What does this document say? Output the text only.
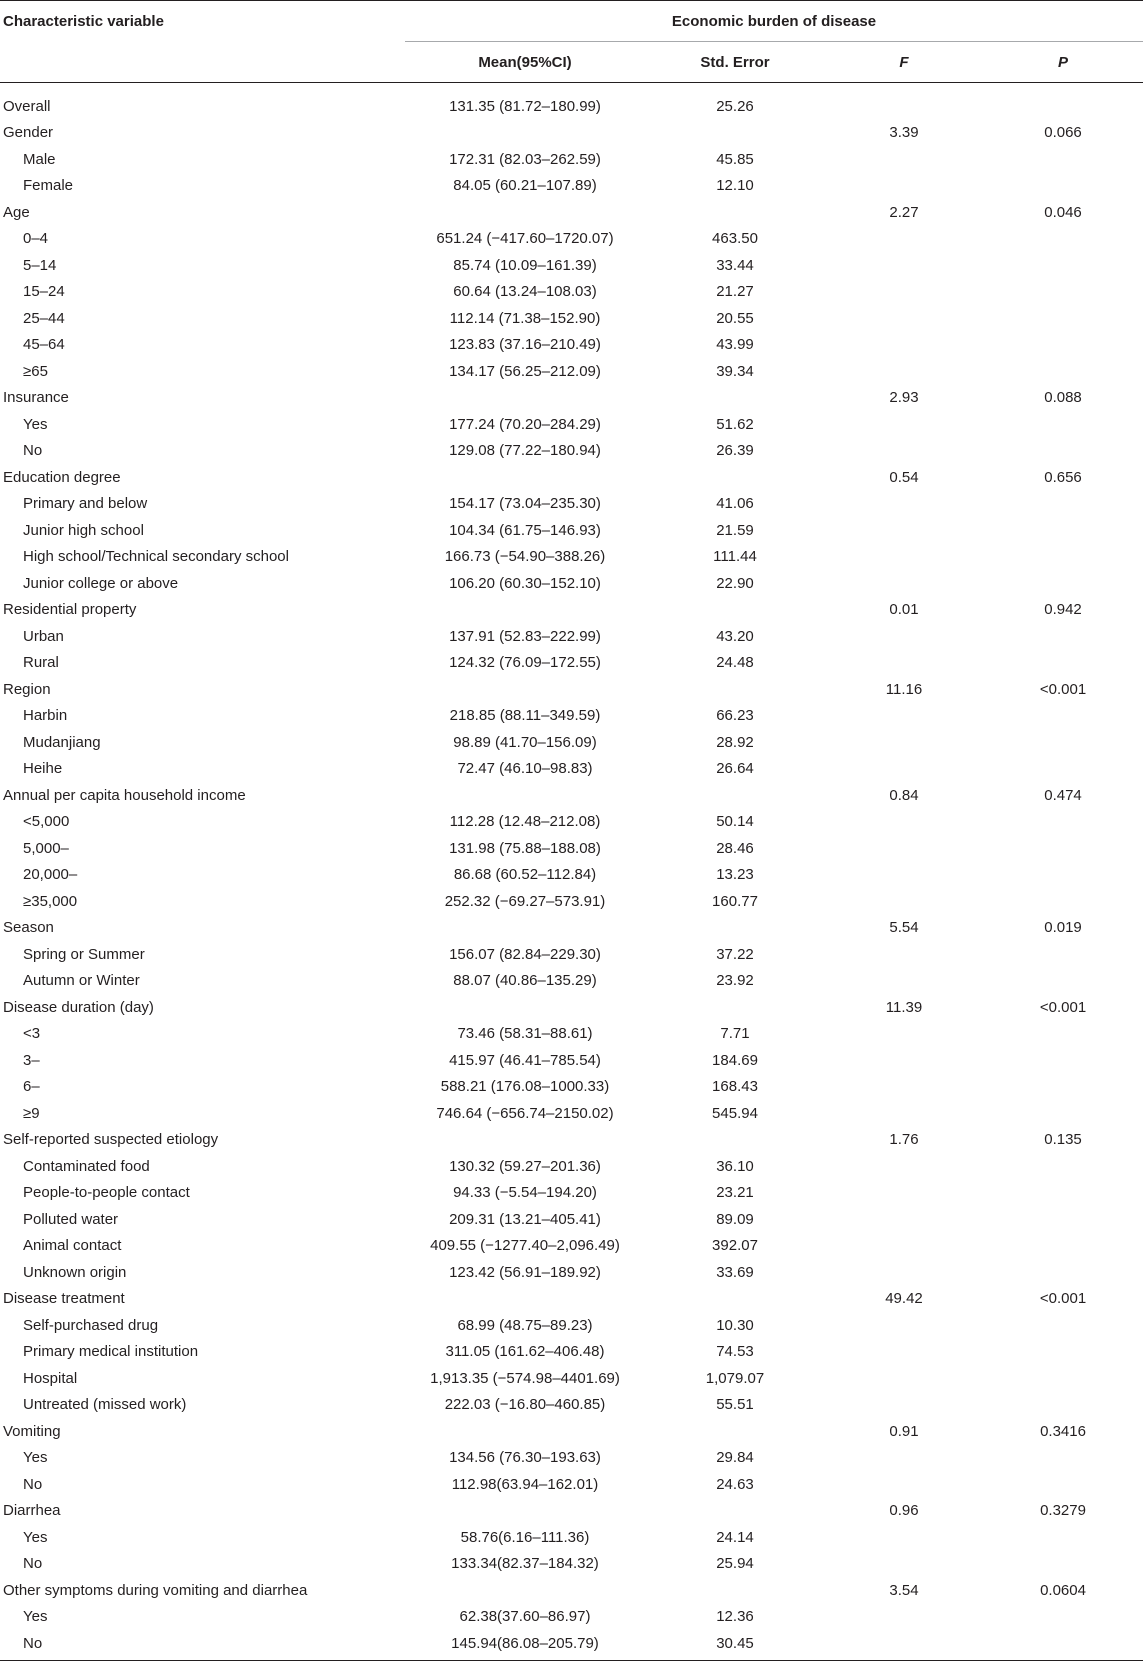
Characteristic variable	Economic burden of disease			
	Mean(95%CI)	Std. Error	F	P

Overall	131.35 (81.72–180.99)	25.26		
Gender			3.39	0.066
Male	172.31 (82.03–262.59)	45.85		
Female	84.05 (60.21–107.89)	12.10		
Age			2.27	0.046
0–4	651.24 (−417.60–1720.07)	463.50		
5–14	85.74 (10.09–161.39)	33.44		
15–24	60.64 (13.24–108.03)	21.27		
25–44	112.14 (71.38–152.90)	20.55		
45–64	123.83 (37.16–210.49)	43.99		
≥65	134.17 (56.25–212.09)	39.34		
Insurance			2.93	0.088
Yes	177.24 (70.20–284.29)	51.62		
No	129.08 (77.22–180.94)	26.39		
Education degree			0.54	0.656
Primary and below	154.17 (73.04–235.30)	41.06		
Junior high school	104.34 (61.75–146.93)	21.59		
High school/Technical secondary school	166.73 (−54.90–388.26)	111.44		
Junior college or above	106.20 (60.30–152.10)	22.90		
Residential property			0.01	0.942
Urban	137.91 (52.83–222.99)	43.20		
Rural	124.32 (76.09–172.55)	24.48		
Region			11.16	<0.001
Harbin	218.85 (88.11–349.59)	66.23		
Mudanjiang	98.89 (41.70–156.09)	28.92		
Heihe	72.47 (46.10–98.83)	26.64		
Annual per capita household income			0.84	0.474
<5,000	112.28 (12.48–212.08)	50.14		
5,000–	131.98 (75.88–188.08)	28.46		
20,000–	86.68 (60.52–112.84)	13.23		
≥35,000	252.32 (−69.27–573.91)	160.77		
Season			5.54	0.019
Spring or Summer	156.07 (82.84–229.30)	37.22		
Autumn or Winter	88.07 (40.86–135.29)	23.92		
Disease duration (day)			11.39	<0.001
<3	73.46 (58.31–88.61)	7.71		
3–	415.97 (46.41–785.54)	184.69		
6–	588.21 (176.08–1000.33)	168.43		
≥9	746.64 (−656.74–2150.02)	545.94		
Self-reported suspected etiology			1.76	0.135
Contaminated food	130.32 (59.27–201.36)	36.10		
People-to-people contact	94.33 (−5.54–194.20)	23.21		
Polluted water	209.31 (13.21–405.41)	89.09		
Animal contact	409.55 (−1277.40–2,096.49)	392.07		
Unknown origin	123.42 (56.91–189.92)	33.69		
Disease treatment			49.42	<0.001
Self-purchased drug	68.99 (48.75–89.23)	10.30		
Primary medical institution	311.05 (161.62–406.48)	74.53		
Hospital	1,913.35 (−574.98–4401.69)	1,079.07		
Untreated (missed work)	222.03 (−16.80–460.85)	55.51		
Vomiting			0.91	0.3416
Yes	134.56 (76.30–193.63)	29.84		
No	112.98(63.94–162.01)	24.63		
Diarrhea			0.96	0.3279
Yes	58.76(6.16–111.36)	24.14		
No	133.34(82.37–184.32)	25.94		
Other symptoms during vomiting and diarrhea			3.54	0.0604
Yes	62.38(37.60–86.97)	12.36		
No	145.94(86.08–205.79)	30.45		
